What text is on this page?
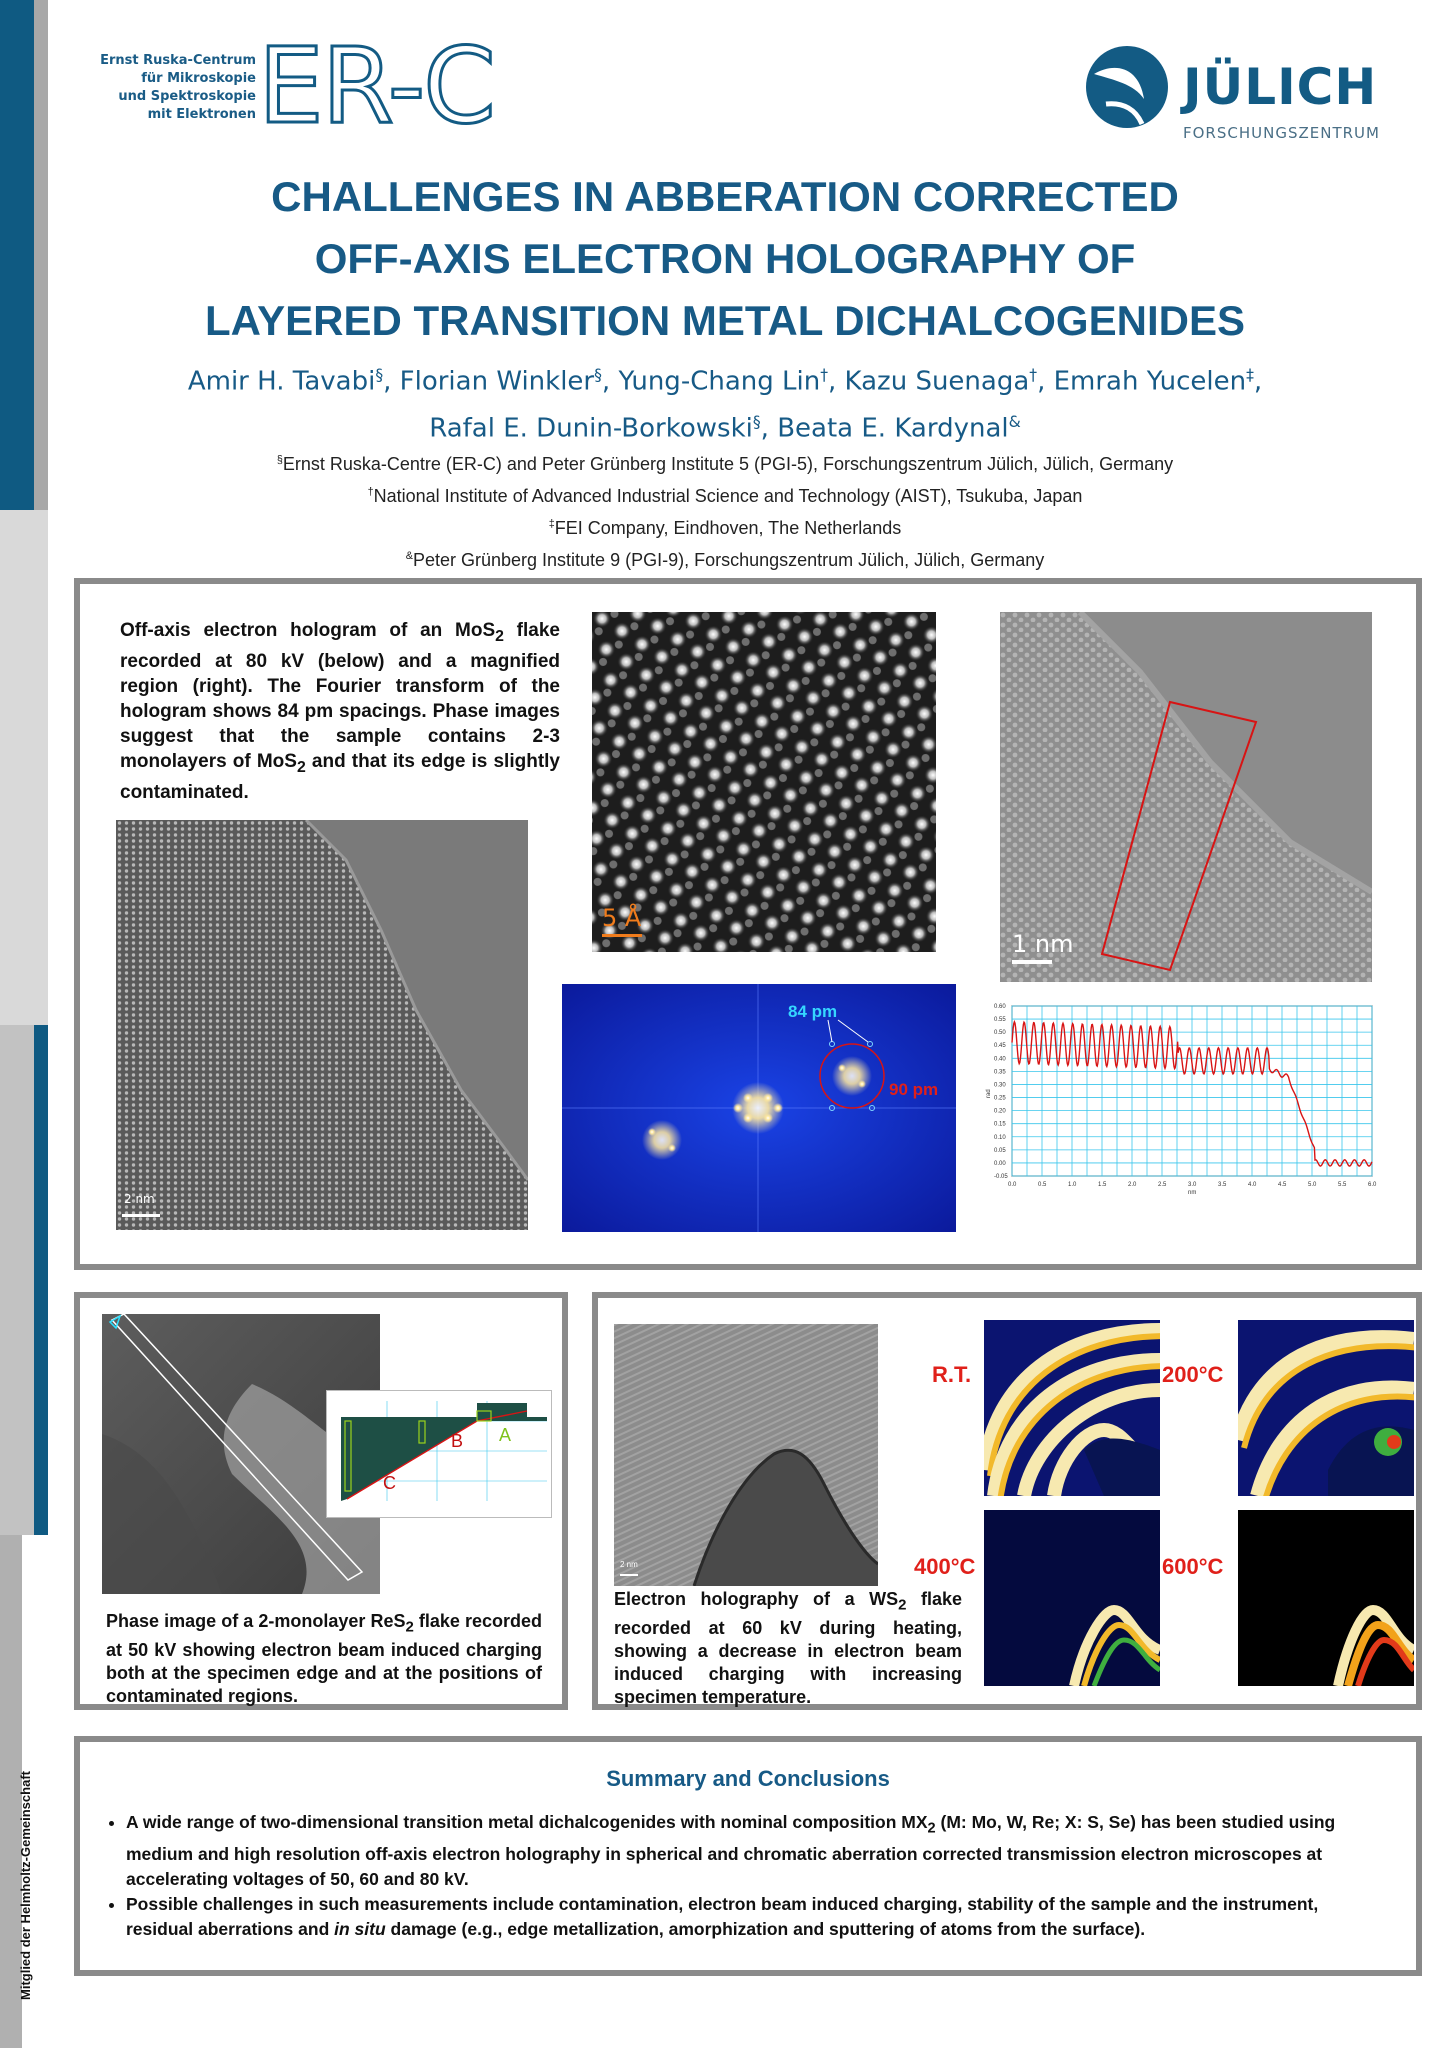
Ernst Ruska-Centrum
für Mikroskopie
und Spektroskopie
mit Elektronen ER-C	JÜLICH
FORSCHUNGSZENTRUM
CHALLENGES IN ABBERATION CORRECTED
OFF-AXIS ELECTRON HOLOGRAPHY OF
LAYERED TRANSITION METAL DICHALCOGENIDES
Amir H. Tavabi§, Florian Winkler§, Yung-Chang Lin†, Kazu Suenaga†, Emrah Yucelen‡,
Rafal E. Dunin-Borkowski§, Beata E. Kardynal&
§Ernst Ruska-Centre (ER-C) and Peter Grünberg Institute 5 (PGI-5), Forschungszentrum Jülich, Jülich, Germany
†National Institute of Advanced Industrial Science and Technology (AIST), Tsukuba, Japan
‡FEI Company, Eindhoven, The Netherlands
&Peter Grünberg Institute 9 (PGI-9), Forschungszentrum Jülich, Jülich, Germany
Off-axis electron hologram of an MoS$_2$ flake recorded at 80 kV (below) and a magnified region (right). The Fourier transform of the hologram shows 84 pm spacings. Phase images suggest that the sample contains 2-3 monolayers of MoS$_2$ and that its edge is slightly contaminated.
2 nm
5 Å
1 nm
84 pm
90 pm
0.60
0.55
0.50
0.45
0.40
0.35
0.30
0.25
0.20
0.15
0.10
0.05
0.00
-0.05
0.0	0.5	1.0	1.5	2.0	2.5	3.0	3.5	4.0	4.5	5.0	5.5	6.0
rad
nm
B A
C
Phase image of a 2-monolayer ReS$_2$ flake recorded at 50 kV showing electron beam induced charging both at the specimen edge and at the positions of contaminated regions.
2 nm
R.T.	200°C
400°C	600°C
Electron holography of a $WS_2$ flake recorded at 60 kV during heating, showing a decrease in electron beam induced charging with increasing specimen temperature.
Summary and Conclusions
• A wide range of two-dimensional transition metal dichalcogenides with nominal composition $MX_2$ (M: Mo, W, Re; X: S, Se) has been studied using medium and high resolution off-axis electron holography in spherical and chromatic aberration corrected transmission electron microscopes at accelerating voltages of 50, 60 and 80 kV.
• Possible challenges in such measurements include contamination, electron beam induced charging, stability of the sample and the instrument, residual aberrations and in situ damage (e.g., edge metallization, amorphization and sputtering of atoms from the surface).
Mitglied der Helmholtz-Gemeinschaft
